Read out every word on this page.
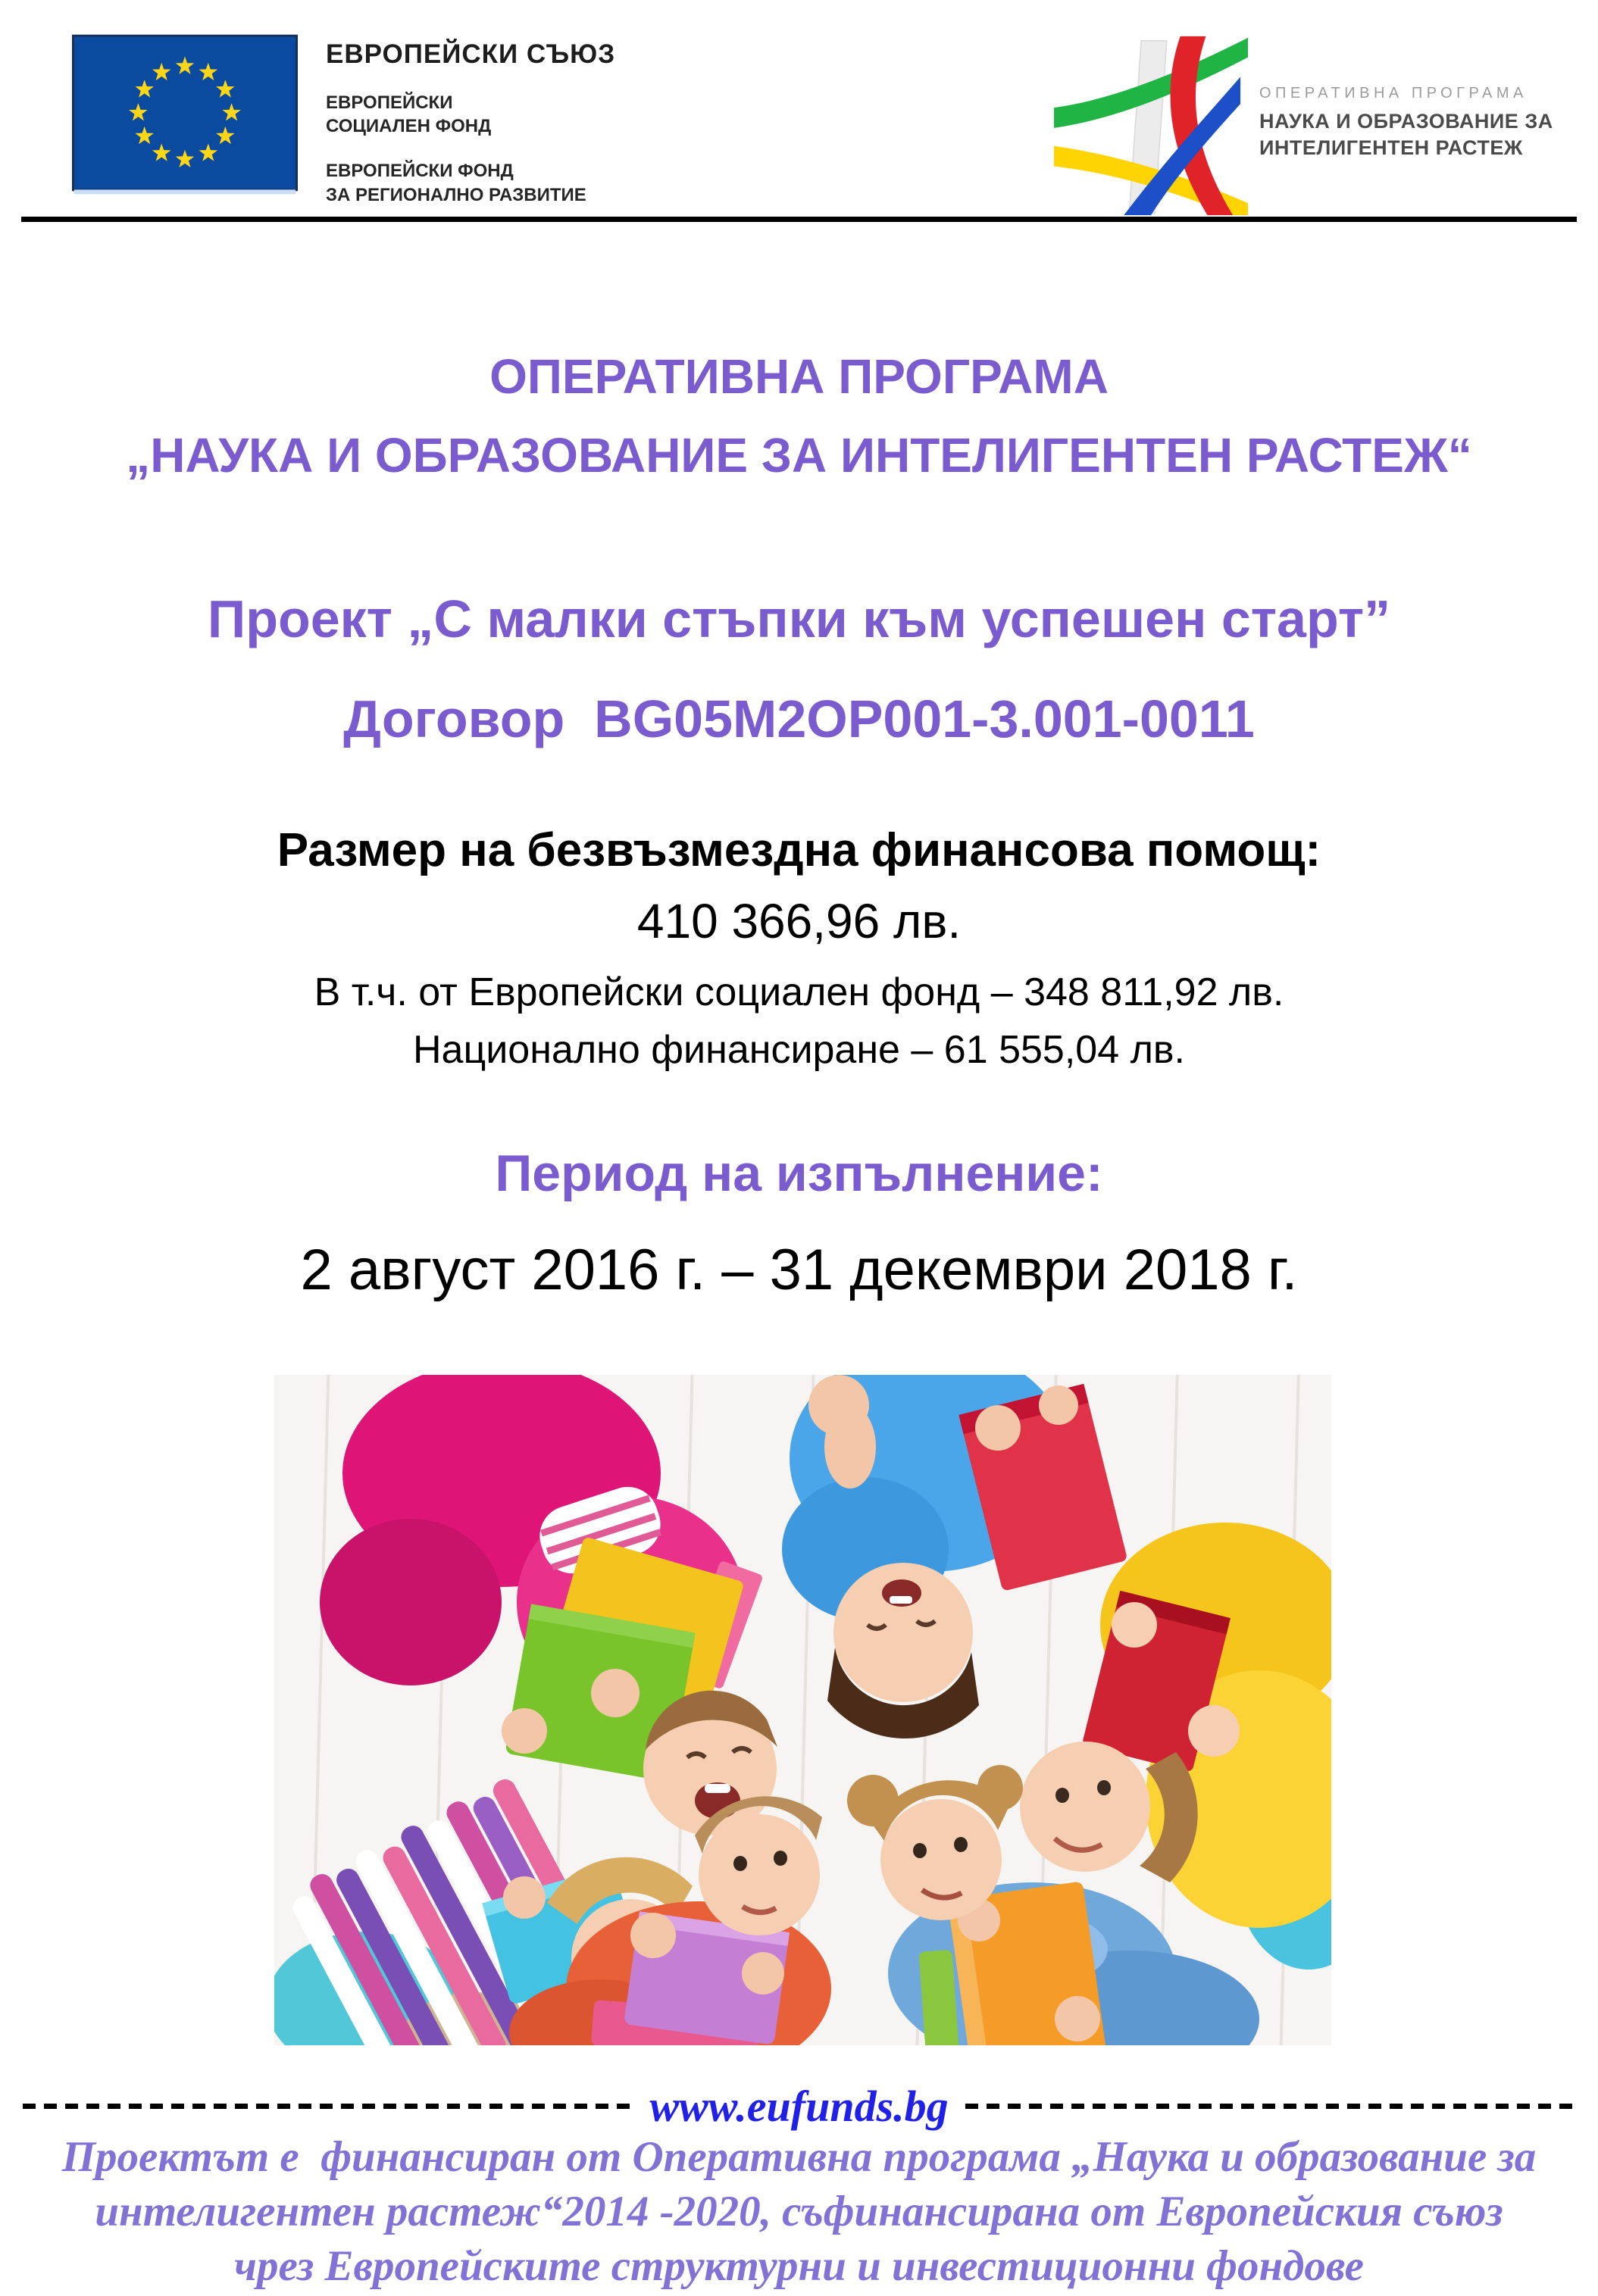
ЕВРОПЕЙСКИ СЪЮЗ
ЕВРОПЕЙСКИ
СОЦИАЛЕН ФОНД
ЕВРОПЕЙСКИ ФОНД
ЗА РЕГИОНАЛНО РАЗВИТИЕ
ОПЕРАТИВНА ПРОГРАМА
НАУКА И ОБРАЗОВАНИЕ ЗА
ИНТЕЛИГЕНТЕН РАСТЕЖ
ОПЕРАТИВНА ПРОГРАМА
„НАУКА И ОБРАЗОВАНИЕ ЗА ИНТЕЛИГЕНТЕН РАСТЕЖ“
Проект „С малки стъпки към успешен старт”
Договор  BG05M2OP001-3.001-0011
Размер на безвъзмездна финансова помощ:
410 366,96 лв.
В т.ч. от Европейски социален фонд – 348 811,92 лв.
Национално финансиране – 61 555,04 лв.
Период на изпълнение:
2 август 2016 г. – 31 декември 2018 г.
www.eufunds.bg
Проектът е  финансиран от Оперативна програма „Наука и образование за
интелигентен растеж“2014 -2020, съфинансирана от Европейския съюз
чрез Европейските структурни и инвестиционни фондове
